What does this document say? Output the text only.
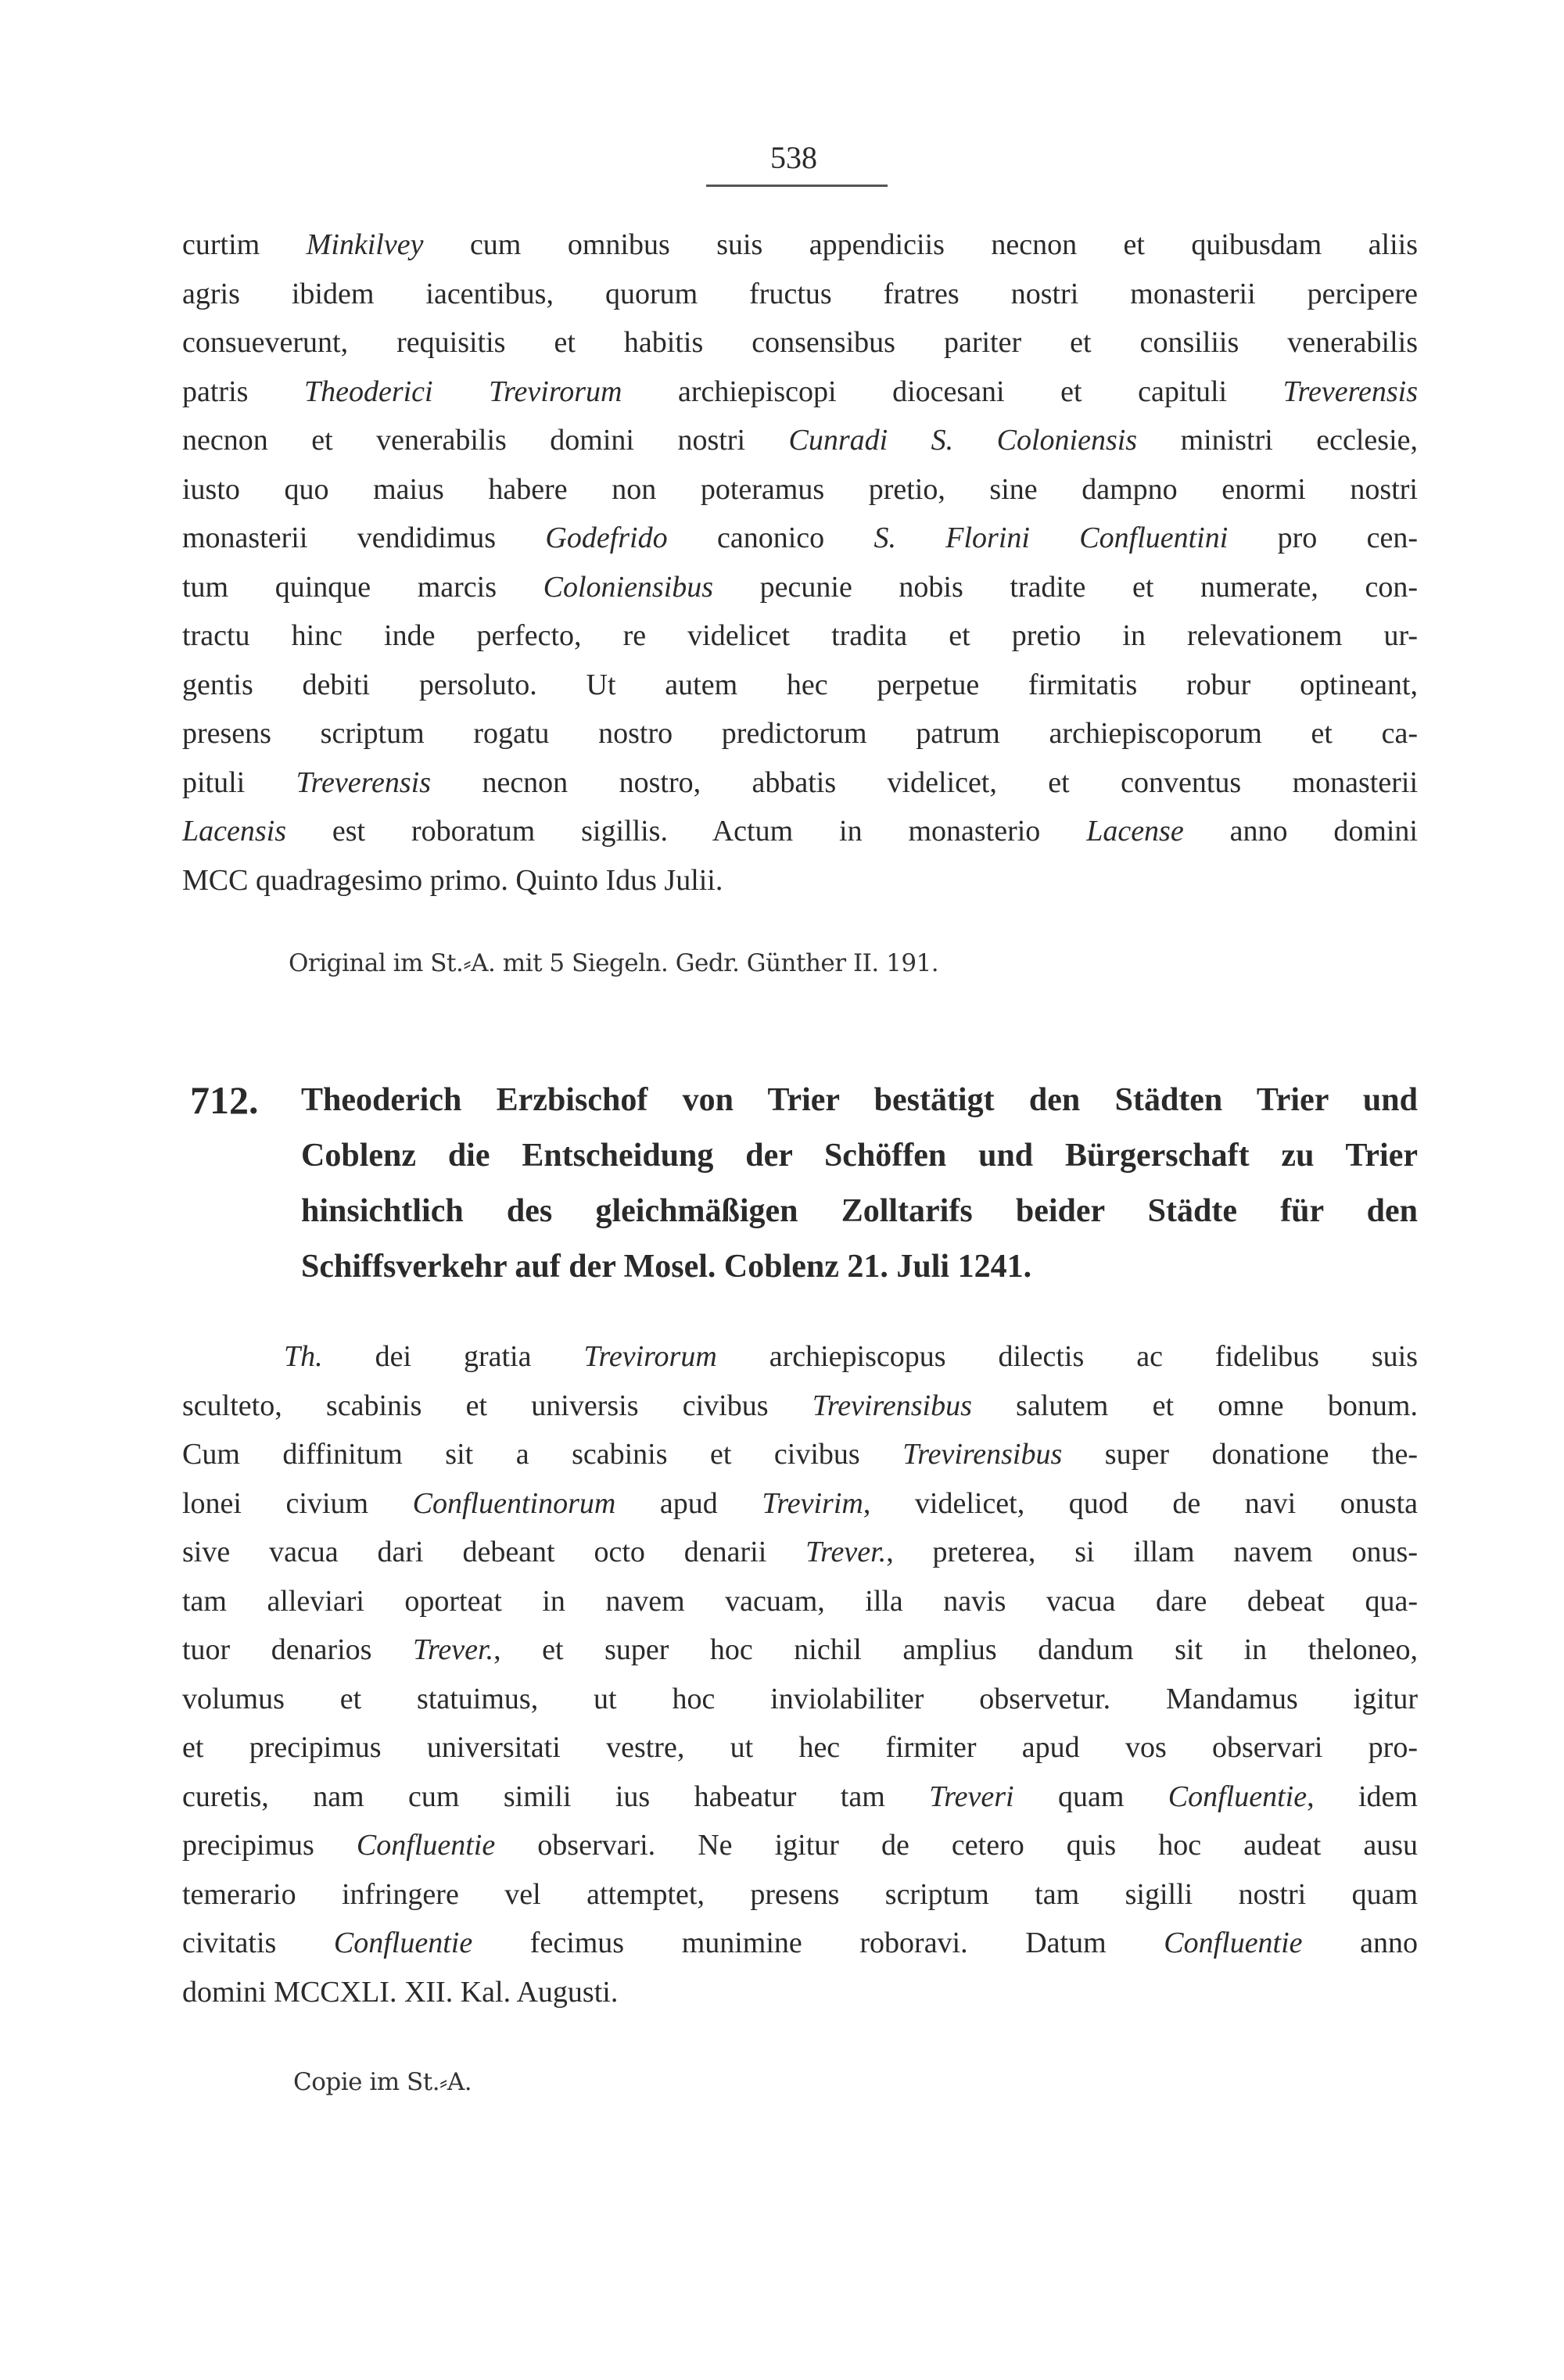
538
curtim Minkilvey cum omnibus suis appendiciis necnon et quibusdam aliis
agris ibidem iacentibus, quorum fructus fratres nostri monasterii percipere
consueverunt, requisitis et habitis consensibus pariter et consiliis venerabilis
patris Theoderici Trevirorum archiepiscopi diocesani et capituli Treverensis
necnon et venerabilis domini nostri Cunradi S. Coloniensis ministri ecclesie,
iusto quo maius habere non poteramus pretio, sine dampno enormi nostri
monasterii vendidimus Godefrido canonico S. Florini Confluentini pro cen-
tum quinque marcis Coloniensibus pecunie nobis tradite et numerate, con-
tractu hinc inde perfecto, re videlicet tradita et pretio in relevationem ur-
gentis debiti persoluto. Ut autem hec perpetue firmitatis robur optineant,
presens scriptum rogatu nostro predictorum patrum archiepiscoporum et ca-
pituli Treverensis necnon nostro, abbatis videlicet, et conventus monasterii
Lacensis est roboratum sigillis. Actum in monasterio Lacense anno domini
MCC quadragesimo primo. Quinto Idus Julii.
Original im St.⸗A. mit 5 Siegeln. Gedr. Günther II. 191.
712. Theoderich Erzbischof von Trier bestätigt den Städten Trier und
Coblenz die Entscheidung der Schöffen und Bürgerschaft zu Trier
hinsichtlich des gleichmäßigen Zolltarifs beider Städte für den
Schiffsverkehr auf der Mosel. Coblenz 21. Juli 1241.
Th. dei gratia Trevirorum archiepiscopus dilectis ac fidelibus suis
sculteto, scabinis et universis civibus Trevirensibus salutem et omne bonum.
Cum diffinitum sit a scabinis et civibus Trevirensibus super donatione the-
lonei civium Confluentinorum apud Trevirim, videlicet, quod de navi onusta
sive vacua dari debeant octo denarii Trever., preterea, si illam navem onus-
tam alleviari oporteat in navem vacuam, illa navis vacua dare debeat qua-
tuor denarios Trever., et super hoc nichil amplius dandum sit in theloneo,
volumus et statuimus, ut hoc inviolabiliter observetur. Mandamus igitur
et precipimus universitati vestre, ut hec firmiter apud vos observari pro-
curetis, nam cum simili ius habeatur tam Treveri quam Confluentie, idem
precipimus Confluentie observari. Ne igitur de cetero quis hoc audeat ausu
temerario infringere vel attemptet, presens scriptum tam sigilli nostri quam
civitatis Confluentie fecimus munimine roboravi. Datum Confluentie anno
domini MCCXLI. XII. Kal. Augusti.
Copie im St.⸗A.
